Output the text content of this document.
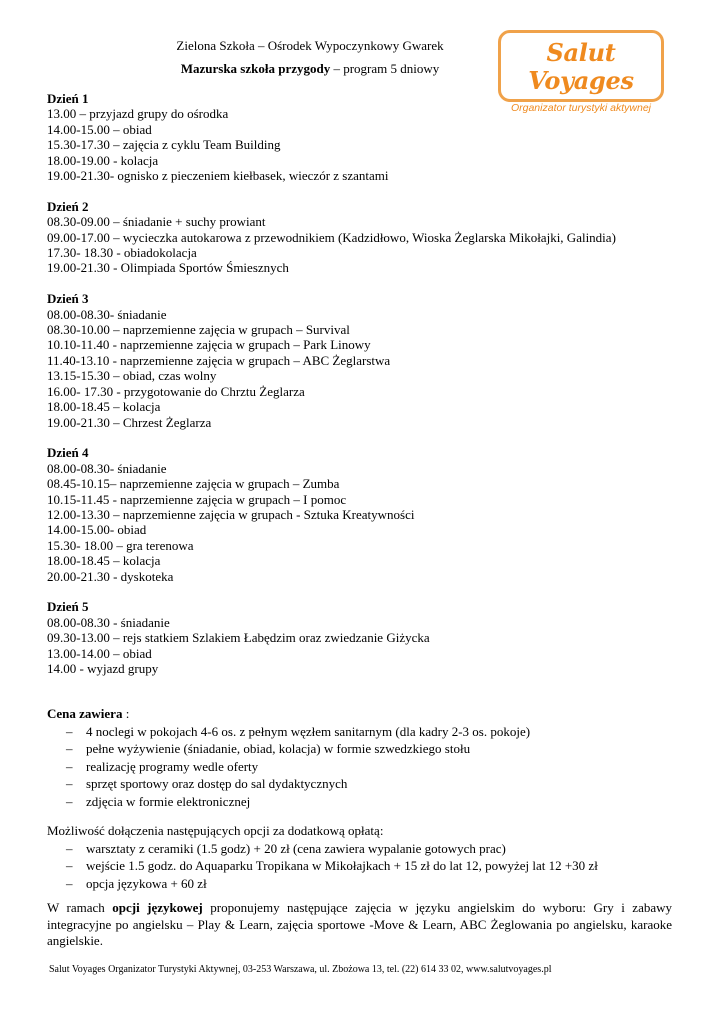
Salut Voyages
Organizator turystyki aktywnej
Zielona Szkoła – Ośrodek Wypoczynkowy Gwarek
Mazurska szkoła przygody – program 5 dniowy
Dzień 1
13.00 – przyjazd grupy do ośrodka
14.00-15.00 – obiad
15.30-17.30 – zajęcia z cyklu Team Building
18.00-19.00 - kolacja
19.00-21.30- ognisko z pieczeniem kiełbasek, wieczór z szantami
Dzień 2
08.30-09.00 – śniadanie + suchy prowiant
09.00-17.00 – wycieczka autokarowa z przewodnikiem (Kadzidłowo, Wioska Żeglarska Mikołajki, Galindia)
17.30- 18.30 - obiadokolacja
19.00-21.30 - Olimpiada Sportów Śmiesznych
Dzień 3
08.00-08.30- śniadanie
08.30-10.00 – naprzemienne zajęcia w grupach – Survival
10.10-11.40 - naprzemienne zajęcia w grupach – Park Linowy
11.40-13.10 - naprzemienne zajęcia w grupach – ABC Żeglarstwa
13.15-15.30 – obiad, czas wolny
16.00- 17.30 - przygotowanie do Chrztu Żeglarza
18.00-18.45 – kolacja
19.00-21.30 – Chrzest Żeglarza
Dzień 4
08.00-08.30- śniadanie
08.45-10.15– naprzemienne zajęcia w grupach – Zumba
10.15-11.45 - naprzemienne zajęcia w grupach – I pomoc
12.00-13.30 – naprzemienne zajęcia w grupach - Sztuka Kreatywności
14.00-15.00- obiad
15.30- 18.00 – gra terenowa
18.00-18.45 – kolacja
20.00-21.30 - dyskoteka
Dzień 5
08.00-08.30 - śniadanie
09.30-13.00 – rejs statkiem Szlakiem Łabędzim oraz zwiedzanie Giżycka
13.00-14.00 – obiad
14.00 - wyjazd grupy
Cena zawiera :
– 4 noclegi w pokojach 4-6 os. z pełnym węzłem sanitarnym (dla kadry 2-3 os. pokoje)
– pełne wyżywienie (śniadanie, obiad, kolacja) w formie szwedzkiego stołu
– realizację programy wedle oferty
– sprzęt sportowy oraz dostęp do sal dydaktycznych
– zdjęcia w formie elektronicznej
Możliwość dołączenia następujących opcji za dodatkową opłatą:
– warsztaty z ceramiki (1.5 godz) + 20 zł (cena zawiera wypalanie gotowych prac)
– wejście 1.5 godz. do Aquaparku Tropikana w Mikołajkach + 15 zł do lat 12, powyżej lat 12 +30 zł
– opcja językowa + 60 zł
W ramach opcji językowej proponujemy następujące zajęcia w języku angielskim do wyboru: Gry i zabawy integracyjne po angielsku – Play & Learn, zajęcia sportowe -Move & Learn, ABC Żeglowania po angielsku, karaoke angielskie.
Salut Voyages Organizator Turystyki Aktywnej, 03-253 Warszawa, ul. Zbożowa 13, tel. (22) 614 33 02, www.salutvoyages.pl
